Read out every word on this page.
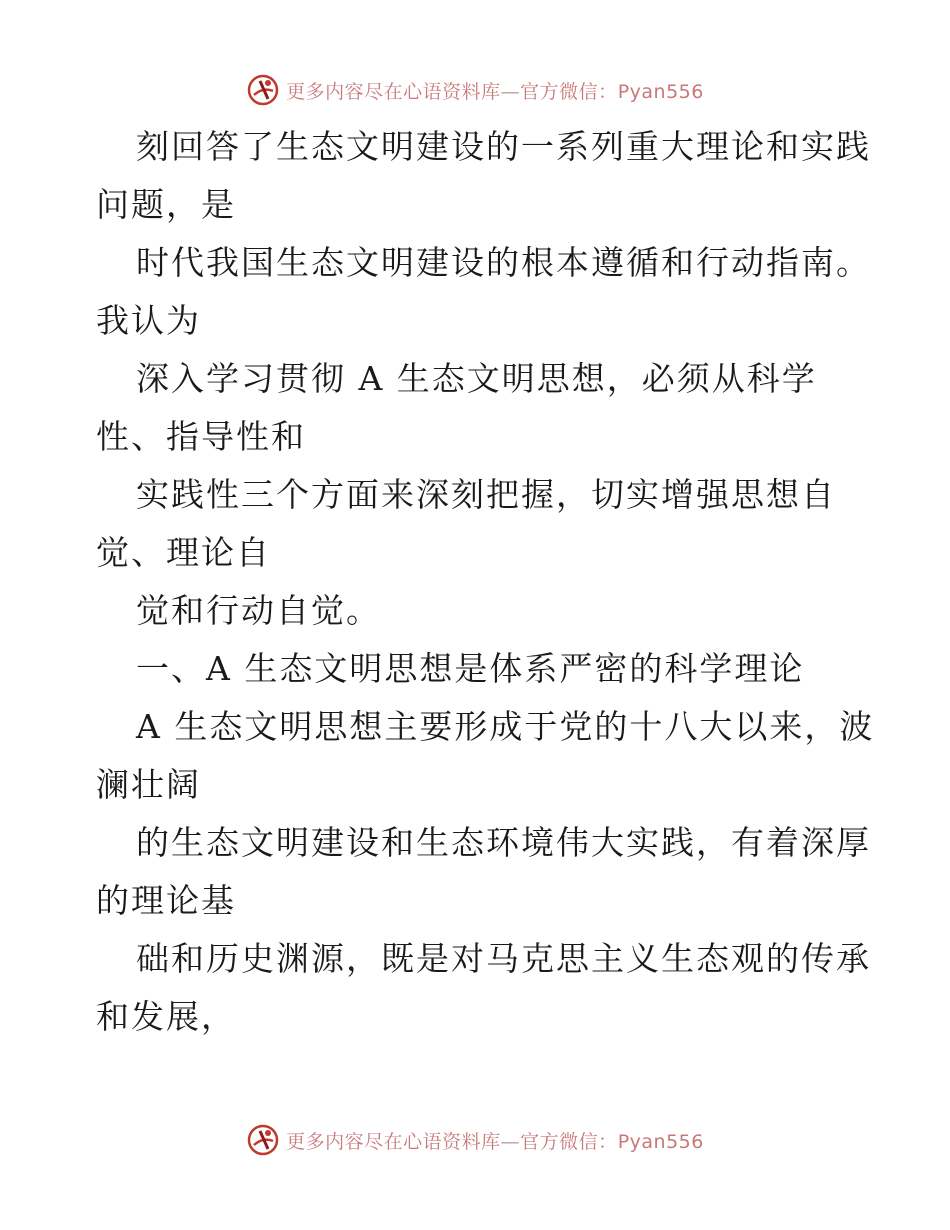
更多内容尽在心语资料库—官方微信：Pyan556
刻回答了生态文明建设的一系列重大理论和实践
问题，是
时代我国生态文明建设的根本遵循和行动指南。
我认为
深入学习贯彻 A 生态文明思想，必须从科学
性、指导性和
实践性三个方面来深刻把握，切实增强思想自
觉、理论自
觉和行动自觉。
一、A 生态文明思想是体系严密的科学理论
A 生态文明思想主要形成于党的十八大以来，波
澜壮阔
的生态文明建设和生态环境伟大实践，有着深厚
的理论基
础和历史渊源，既是对马克思主义生态观的传承
和发展，
更多内容尽在心语资料库—官方微信：Pyan556
